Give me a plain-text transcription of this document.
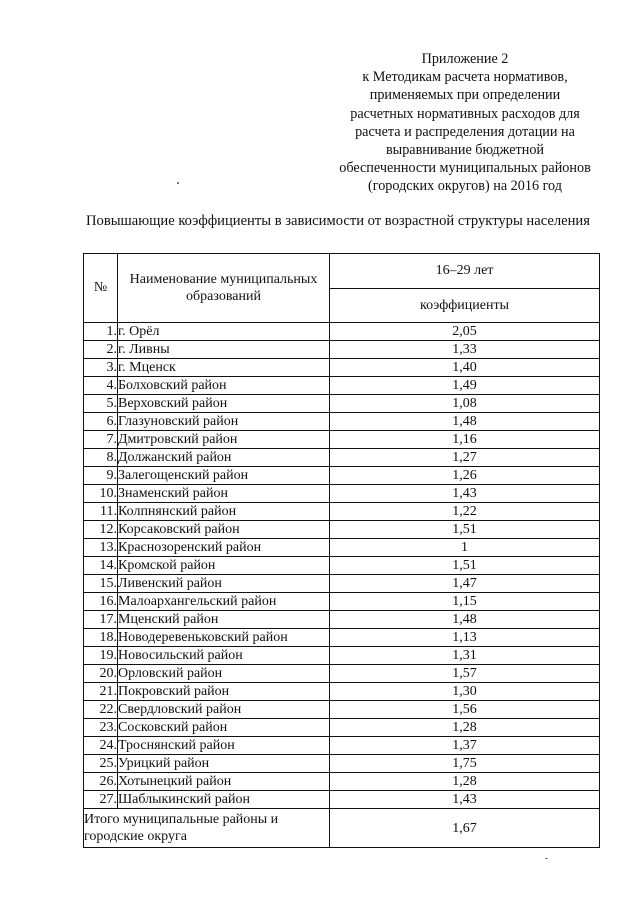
Приложение 2
к Методикам расчета нормативов,
применяемых при определении
расчетных нормативных расходов для
расчета и распределения дотации на
выравнивание бюджетной
обеспеченности муниципальных районов
(городских округов) на 2016 год
Повышающие коэффициенты в зависимости от возрастной структуры населения
№	Наименование муниципальных образований	16–29 лет
		коэффициенты
1.	г. Орёл	2,05
2.	г. Ливны	1,33
3.	г. Мценск	1,40
4.	Болховский район	1,49
5.	Верховский район	1,08
6.	Глазуновский район	1,48
7.	Дмитровский район	1,16
8.	Должанский район	1,27
9.	Залегощенский район	1,26
10.	Знаменский район	1,43
11.	Колпнянский район	1,22
12.	Корсаковский район	1,51
13.	Краснозоренский район	1
14.	Кромской район	1,51
15.	Ливенский район	1,47
16.	Малоархангельский район	1,15
17.	Мценский район	1,48
18.	Новодеревеньковский район	1,13
19.	Новосильский район	1,31
20.	Орловский район	1,57
21.	Покровский район	1,30
22.	Свердловский район	1,56
23.	Сосковский район	1,28
24.	Троснянский район	1,37
25.	Урицкий район	1,75
26.	Хотынецкий район	1,28
27.	Шаблыкинский район	1,43
Итого муниципальные районы и городские округа		1,67
